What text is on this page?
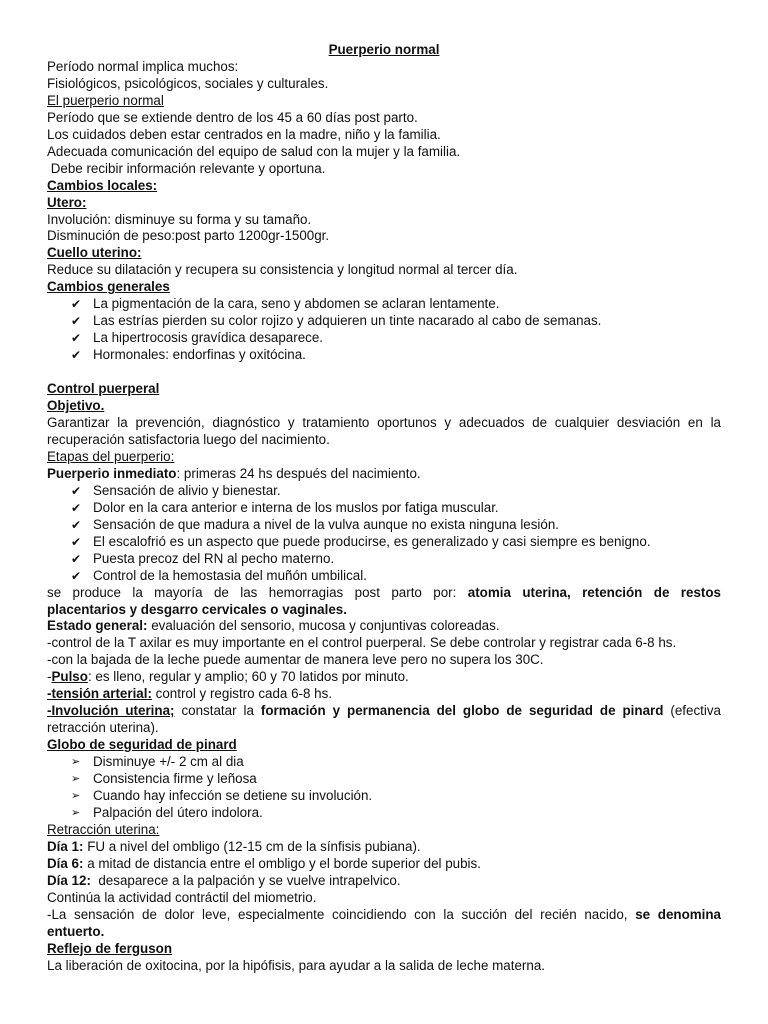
Puerperio normal

Período normal implica muchos:

Fisiológicos, psicológicos, sociales y culturales.

El puerperio normal

Período que se extiende dentro de los 45 a 60 días post parto.

Los cuidados deben estar centrados en la madre, niño y la familia.

Adecuada comunicación del equipo de salud con la mujer y la familia.

Debe recibir información relevante y oportuna.

Cambios locales:

Utero:

Involución: disminuye su forma y su tamaño.

Disminución de peso:post parto 1200gr-1500gr.

Cuello uterino:

Reduce su dilatación y recupera su consistencia y longitud normal al tercer día.

Cambios generales

✔ La pigmentación de la cara, seno y abdomen se aclaran lentamente.
✔ Las estrías pierden su color rojizo y adquieren un tinte nacarado al cabo de semanas.
✔ La hipertrocosis gravídica desaparece.
✔ Hormonales: endorfinas y oxitócina.

Control puerperal

Objetivo.

Garantizar la prevención, diagnóstico y tratamiento oportunos y adecuados de cualquier desviación en la

recuperación satisfactoria luego del nacimiento.

Etapas del puerperio:

Puerperio inmediato: primeras 24 hs después del nacimiento.

✔ Sensación de alivio y bienestar.
✔ Dolor en la cara anterior e interna de los muslos por fatiga muscular.
✔ Sensación de que madura a nivel de la vulva aunque no exista ninguna lesión.
✔ El escalofrió es un aspecto que puede producirse, es generalizado y casi siempre es benigno.
✔ Puesta precoz del RN al pecho materno.
✔ Control de la hemostasia del muñón umbilical.

se produce la mayoría de las hemorragias post parto por: atomia uterina, retención de restos

placentarios y desgarro cervicales o vaginales.

Estado general: evaluación del sensorio, mucosa y conjuntivas coloreadas.

-control de la T axilar es muy importante en el control puerperal. Se debe controlar y registrar cada 6-8 hs.

-con la bajada de la leche puede aumentar de manera leve pero no supera los 30C.

-Pulso: es lleno, regular y amplio; 60 y 70 latidos por minuto.

-tensión arterial: control y registro cada 6-8 hs.

-Involución uterina; constatar la formación y permanencia del globo de seguridad de pinard (efectiva

retracción uterina).

Globo de seguridad de pinard

➢ Disminuye +/- 2 cm al dia
➢ Consistencia firme y leñosa
➢ Cuando hay infección se detiene su involución.
➢ Palpación del útero indolora.

Retracción uterina:

Día 1: FU a nivel del ombligo (12-15 cm de la sínfisis pubiana).

Día 6: a mitad de distancia entre el ombligo y el borde superior del pubis.

Día 12:  desaparece a la palpación y se vuelve intrapelvico.

Continúa la actividad contráctil del miometrio.

-La sensación de dolor leve, especialmente coincidiendo con la succión del recién nacido, se denomina

entuerto.

Reflejo de ferguson

La liberación de oxitocina, por la hipófisis, para ayudar a la salida de leche materna.
